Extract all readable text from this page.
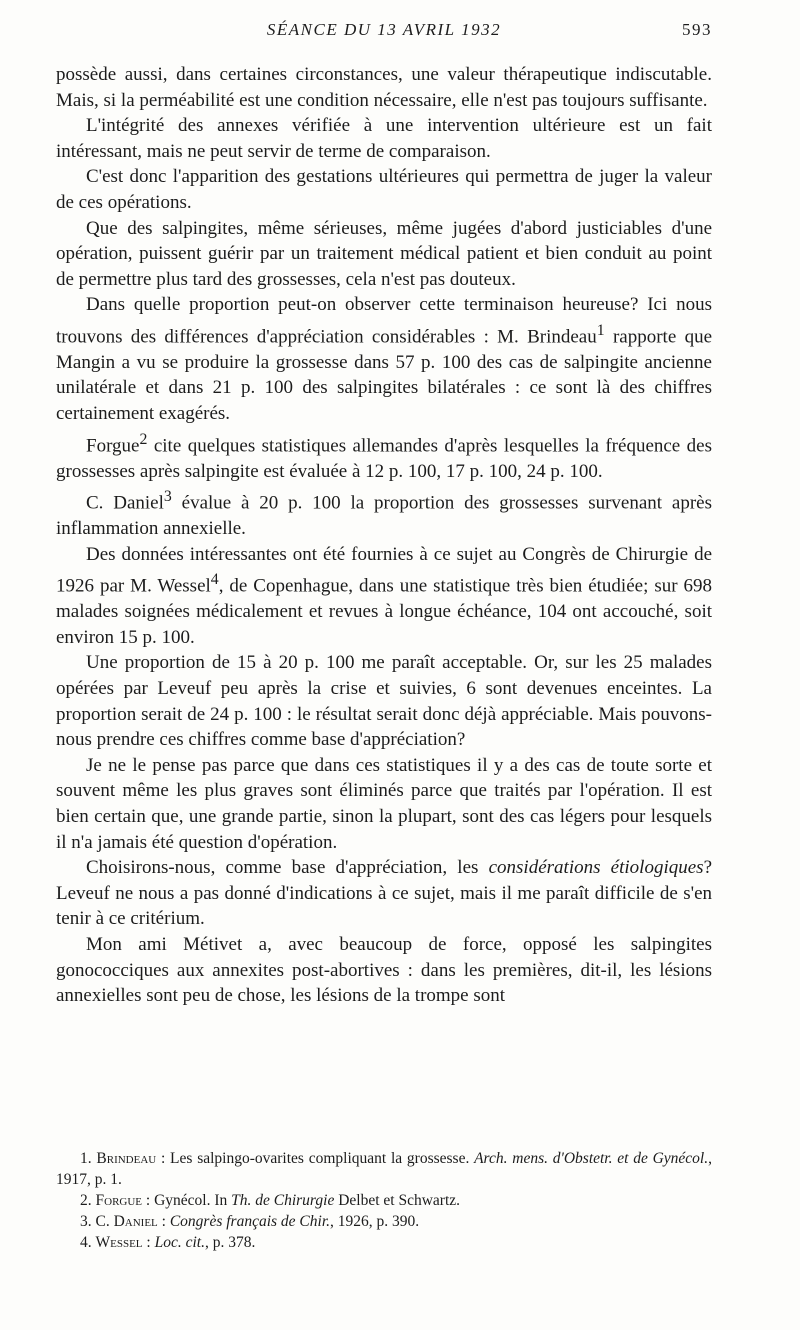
SÉANCE DU 13 AVRIL 1932	593

possède aussi, dans certaines circonstances, une valeur thérapeutique indiscutable. Mais, si la perméabilité est une condition nécessaire, elle n'est pas toujours suffisante.

L'intégrité des annexes vérifiée à une intervention ultérieure est un fait intéressant, mais ne peut servir de terme de comparaison.

C'est donc l'apparition des gestations ultérieures qui permettra de juger la valeur de ces opérations.

Que des salpingites, même sérieuses, même jugées d'abord justiciables d'une opération, puissent guérir par un traitement médical patient et bien conduit au point de permettre plus tard des grossesses, cela n'est pas douteux.

Dans quelle proportion peut-on observer cette terminaison heureuse? Ici nous trouvons des différences d'appréciation considérables : M. Brindeau$^1$ rapporte que Mangin a vu se produire la grossesse dans 57 p. 100 des cas de salpingite ancienne unilatérale et dans 21 p. 100 des salpingites bilatérales : ce sont là des chiffres certainement exagérés.

Forgue$^2$ cite quelques statistiques allemandes d'après lesquelles la fréquence des grossesses après salpingite est évaluée à 12 p. 100, 17 p. 100, 24 p. 100.

C. Daniel$^3$ évalue à 20 p. 100 la proportion des grossesses survenant après inflammation annexielle.

Des données intéressantes ont été fournies à ce sujet au Congrès de Chirurgie de 1926 par M. Wessel$^4$, de Copenhague, dans une statistique très bien étudiée; sur 698 malades soignées médicalement et revues à longue échéance, 104 ont accouché, soit environ 15 p. 100.

Une proportion de 15 à 20 p. 100 me paraît acceptable. Or, sur les 25 malades opérées par Leveuf peu après la crise et suivies, 6 sont devenues enceintes. La proportion serait de 24 p. 100 : le résultat serait donc déjà appréciable. Mais pouvons-nous prendre ces chiffres comme base d'appréciation?

Je ne le pense pas parce que dans ces statistiques il y a des cas de toute sorte et souvent même les plus graves sont éliminés parce que traités par l'opération. Il est bien certain que, une grande partie, sinon la plupart, sont des cas légers pour lesquels il n'a jamais été question d'opération.

Choisirons-nous, comme base d'appréciation, les considérations étiologiques? Leveuf ne nous a pas donné d'indications à ce sujet, mais il me paraît difficile de s'en tenir à ce critérium.

Mon ami Métivet a, avec beaucoup de force, opposé les salpingites gonococciques aux annexites post-abortives : dans les premières, dit-il, les lésions annexielles sont peu de chose, les lésions de la trompe sont

1. Brindeau : Les salpingo-ovarites compliquant la grossesse. Arch. mens. d'Obstetr. et de Gynécol., 1917, p. 1.

2. Forgue : Gynécol. In Th. de Chirurgie Delbet et Schwartz.

3. C. Daniel : Congrès français de Chir., 1926, p. 390.

4. Wessel : Loc. cit., p. 378.
